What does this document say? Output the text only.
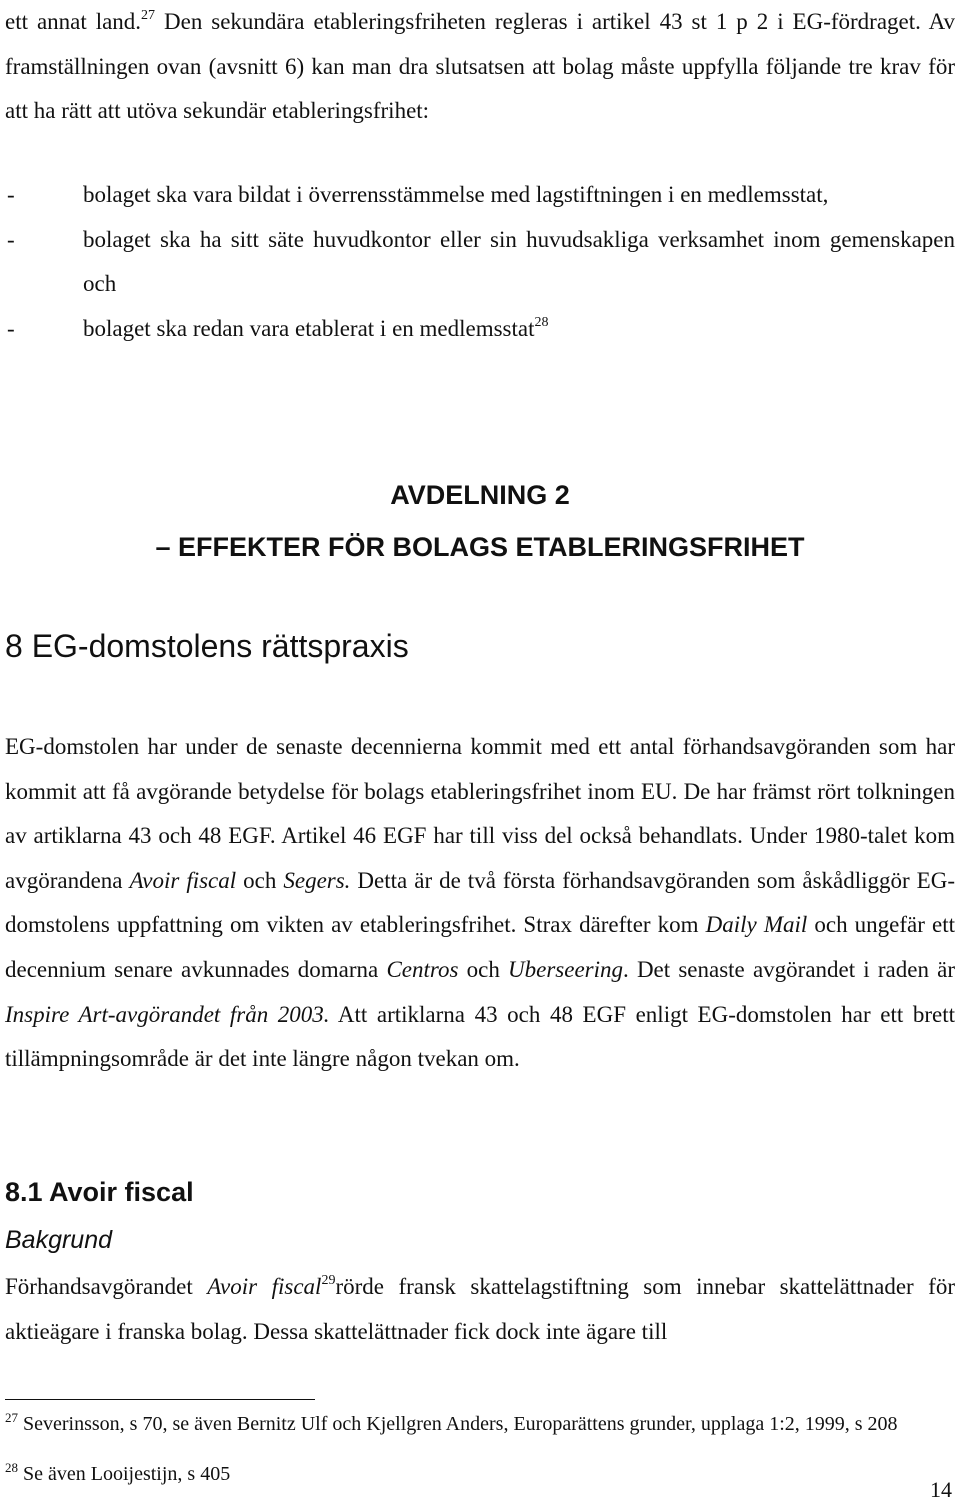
ett annat land.$^{27}$ Den sekundära etableringsfriheten regleras i artikel 43 st 1 p 2 i EG-fördraget. Av framställningen ovan (avsnitt 6) kan man dra slutsatsen att bolag måste uppfylla följande tre krav för att ha rätt att utöva sekundär etableringsfrihet:

-	bolaget ska vara bildat i överrensstämmelse med lagstiftningen i en medlemsstat,
-	bolaget ska ha sitt säte huvudkontor eller sin huvudsakliga verksamhet inom gemenskapen och
-	bolaget ska redan vara etablerat i en medlemsstat$^{28}$
AVDELNING 2
– EFFEKTER FÖR BOLAGS ETABLERINGSFRIHET
8 EG-domstolens rättspraxis

EG-domstolen har under de senaste decennierna kommit med ett antal förhandsavgöranden som har kommit att få avgörande betydelse för bolags etableringsfrihet inom EU. De har främst rört tolkningen av artiklarna 43 och 48 EGF. Artikel 46 EGF har till viss del också behandlats. Under 1980-talet kom avgörandena Avoir fiscal och Segers. Detta är de två första förhandsavgöranden som åskådliggör EG-domstolens uppfattning om vikten av etableringsfrihet. Strax därefter kom Daily Mail och ungefär ett decennium senare avkunnades domarna Centros och Uberseering. Det senaste avgörandet i raden är Inspire Art-avgörandet från 2003. Att artiklarna 43 och 48 EGF enligt EG-domstolen har ett brett tillämpningsområde är det inte längre någon tvekan om.

8.1 Avoir fiscal
Bakgrund

Förhandsavgörandet Avoir fiscal$^{29}$rörde fransk skattelagstiftning som innebar skattelättnader för aktieägare i franska bolag. Dessa skattelättnader fick dock inte ägare till

$^{27}$ Severinsson, s 70, se även Bernitz Ulf och Kjellgren Anders, Europarättens grunder, upplaga 1:2, 1999, s 208
$^{28}$ Se även Looijestijn, s 405
14
